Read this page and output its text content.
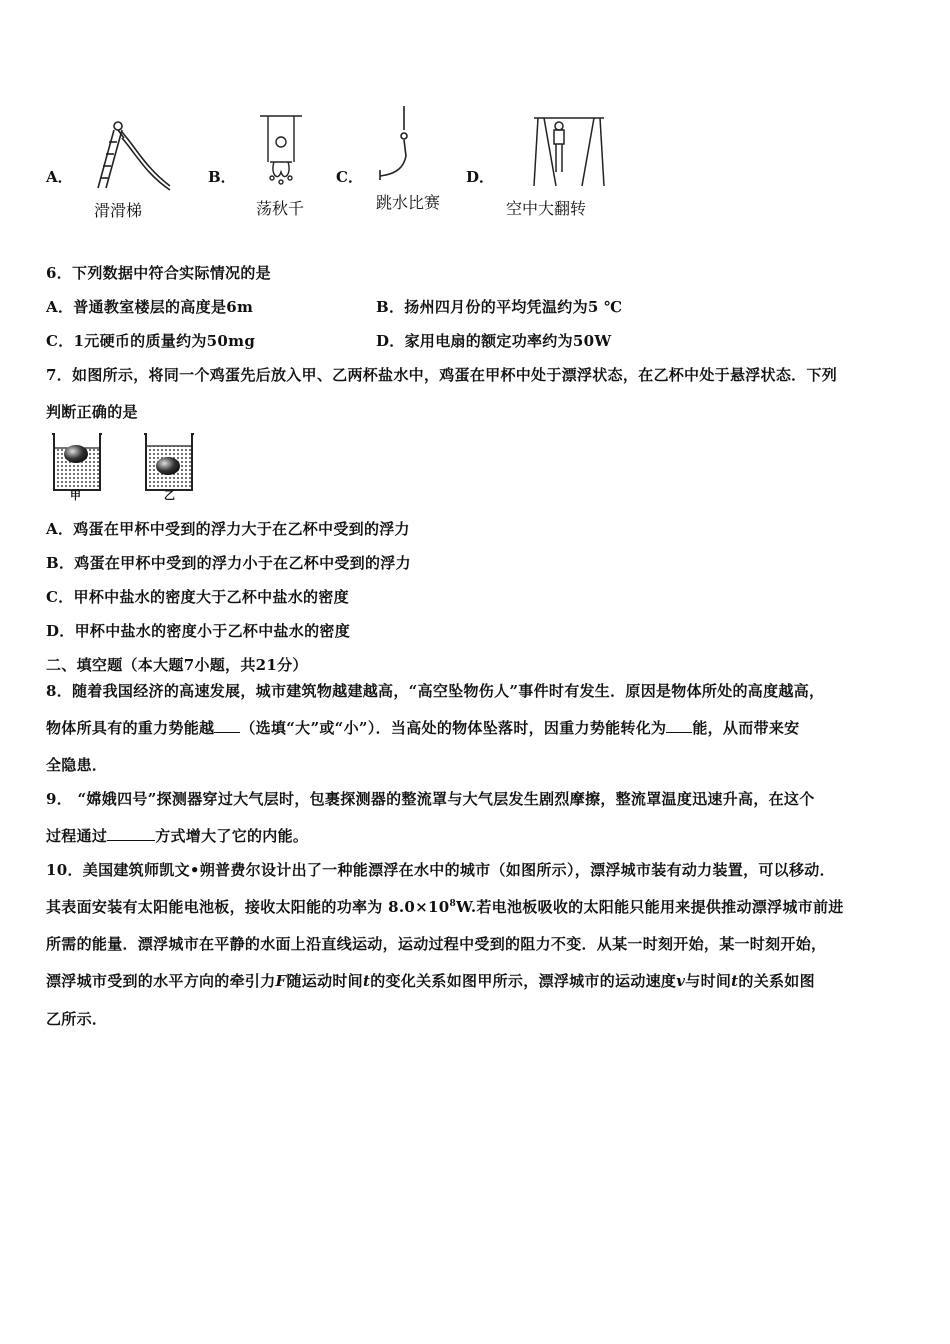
A．
滑滑梯
B．
荡秋千
C．
跳水比赛
D．
空中大翻转
6．下列数据中符合实际情况的是
A．普通教室楼层的高度是6m	B．扬州四月份的平均凭温约为5 ℃
C．1元硬币的质量约为50mg	D．家用电扇的额定功率约为50W
7．如图所示，将同一个鸡蛋先后放入甲、乙两杯盐水中，鸡蛋在甲杯中处于漂浮状态，在乙杯中处于悬浮状态．下列
判断正确的是
甲	乙
A．鸡蛋在甲杯中受到的浮力大于在乙杯中受到的浮力
B．鸡蛋在甲杯中受到的浮力小于在乙杯中受到的浮力
C．甲杯中盐水的密度大于乙杯中盐水的密度
D．甲杯中盐水的密度小于乙杯中盐水的密度
二、填空题（本大题7小题，共21分）
8．随着我国经济的高速发展，城市建筑物越建越高，“高空坠物伤人”事件时有发生．原因是物体所处的高度越高，
物体所具有的重力势能越 （选填“大”或“小”）．当高处的物体坠落时，因重力势能转化为 能，从而带来安
全隐患．
9． “嫦娥四号”探测器穿过大气层时，包裹探测器的整流罩与大气层发生剧烈摩擦，整流罩温度迅速升高，在这个
过程通过	方式增大了它的内能。
10．美国建筑师凯文•朔普费尔设计出了一种能漂浮在水中的城市（如图所示），漂浮城市装有动力装置，可以移动．
其表面安装有太阳能电池板，接收太阳能的功率为 $8.0\times 10^8W$.若电池板吸收的太阳能只能用来提供推动漂浮城市前进
所需的能量．漂浮城市在平静的水面上沿直线运动，运动过程中受到的阻力不变．从某一时刻开始，某一时刻开始，
漂浮城市受到的水平方向的牵引力F随运动时间t的变化关系如图甲所示，漂浮城市的运动速度v与时间t的关系如图
乙所示．
